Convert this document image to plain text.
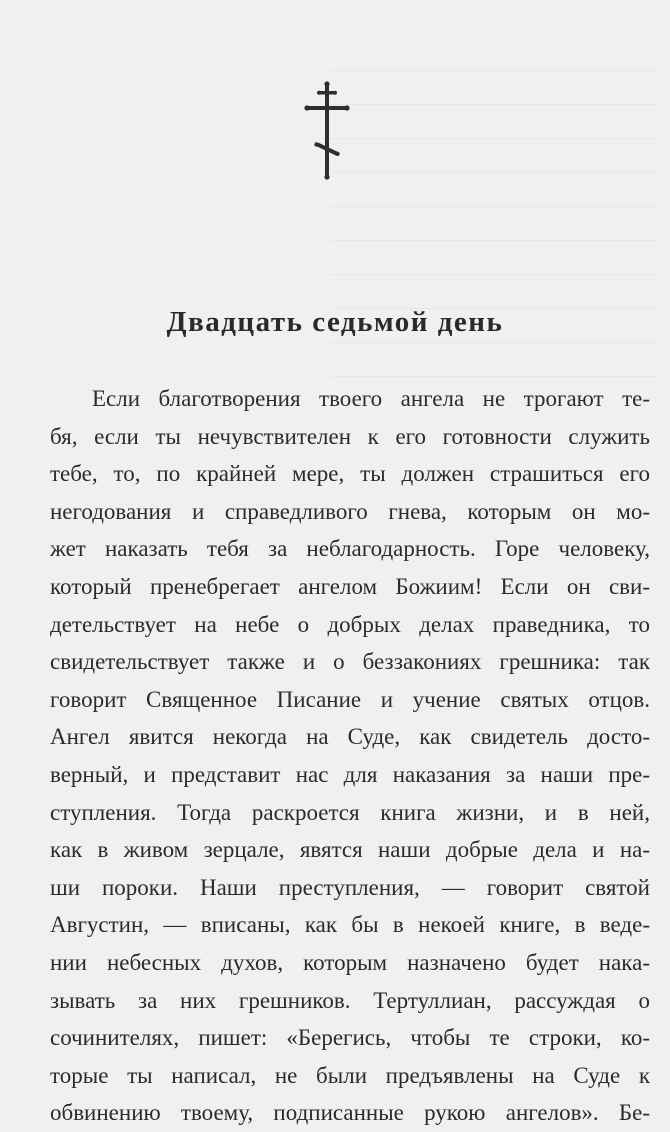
Двадцать седьмой день
Если благотворения твоего ангела не трогают те-
бя, если ты нечувствителен к его готовности служить
тебе, то, по крайней мере, ты должен страшиться его
негодования и справедливого гнева, которым он мо-
жет наказать тебя за неблагодарность. Горе человеку,
который пренебрегает ангелом Божиим! Если он сви-
детельствует на небе о добрых делах праведника, то
свидетельствует также и о беззакониях грешника: так
говорит Священное Писание и учение святых отцов.
Ангел явится некогда на Суде, как свидетель досто-
верный, и представит нас для наказания за наши пре-
ступления. Тогда раскроется книга жизни, и в ней,
как в живом зерцале, явятся наши добрые дела и на-
ши пороки. Наши преступления, — говорит святой
Августин, — вписаны, как бы в некоей книге, в веде-
нии небесных духов, которым назначено будет нака-
зывать за них грешников. Тертуллиан, рассуждая о
сочинителях, пишет: «Берегись, чтобы те строки, ко-
торые ты написал, не были предъявлены на Суде к
обвинению твоему, подписанные рукою ангелов». Бе-
